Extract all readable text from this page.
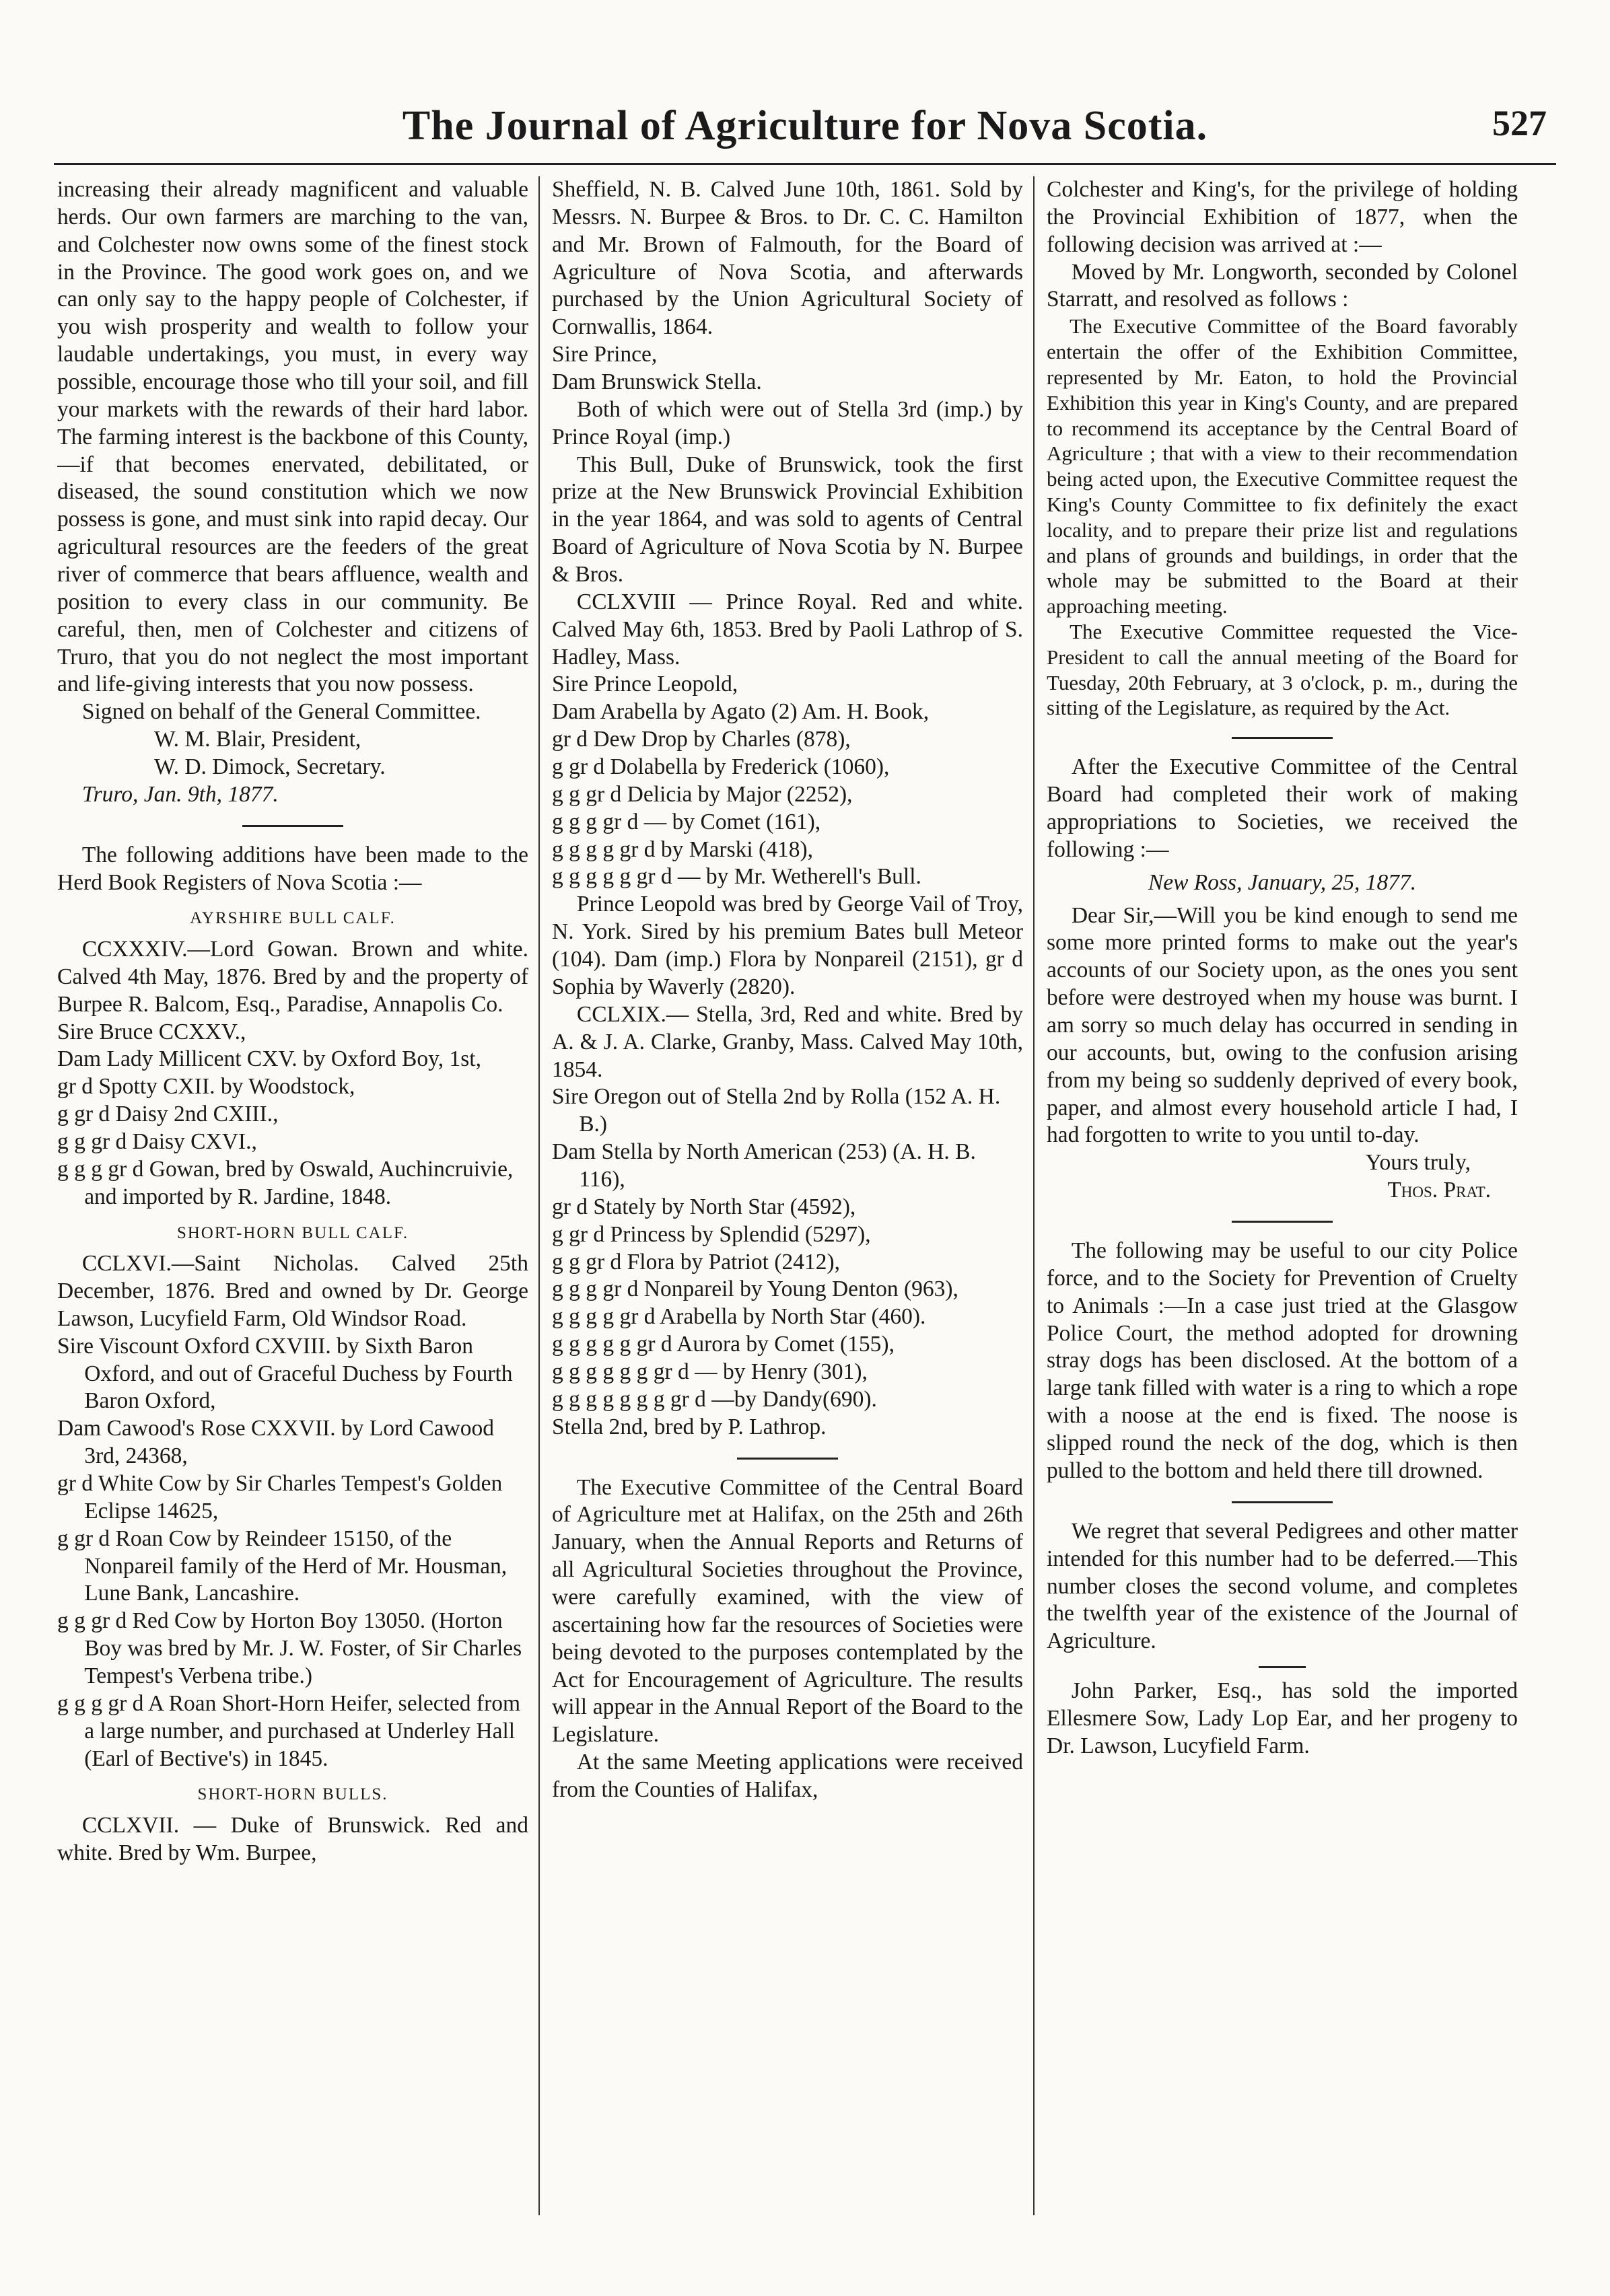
The Journal of Agriculture for Nova Scotia.	527

increasing their already magnificent and valuable herds. Our own farmers are marching to the van, and Colchester now owns some of the finest stock in the Province. The good work goes on, and we can only say to the happy people of Colchester, if you wish prosperity and wealth to follow your laudable undertakings, you must, in every way possible, encourage those who till your soil, and fill your markets with the rewards of their hard labor. The farming interest is the backbone of this County,—if that becomes enervated, debilitated, or diseased, the sound constitution which we now possess is gone, and must sink into rapid decay. Our agricultural resources are the feeders of the great river of commerce that bears affluence, wealth and position to every class in our community. Be careful, then, men of Colchester and citizens of Truro, that you do not neglect the most important and life-giving interests that you now possess.

Signed on behalf of the General Committee.

W. M. Blair, President,

W. D. Dimock, Secretary.

Truro, Jan. 9th, 1877.

The following additions have been made to the Herd Book Registers of Nova Scotia :—

AYRSHIRE BULL CALF.

CCXXXIV.—Lord Gowan. Brown and white. Calved 4th May, 1876. Bred by and the property of Burpee R. Balcom, Esq., Paradise, Annapolis Co.

Sire Bruce CCXXV.,

Dam Lady Millicent CXV. by Oxford Boy, 1st,

gr d Spotty CXII. by Woodstock,

g gr d Daisy 2nd CXIII.,

g g gr d Daisy CXVI.,

g g g gr d Gowan, bred by Oswald, Auchincruivie, and imported by R. Jardine, 1848.

SHORT-HORN BULL CALF.

CCLXVI.—Saint Nicholas. Calved 25th December, 1876. Bred and owned by Dr. George Lawson, Lucyfield Farm, Old Windsor Road.

Sire Viscount Oxford CXVIII. by Sixth Baron Oxford, and out of Graceful Duchess by Fourth Baron Oxford,

Dam Cawood's Rose CXXVII. by Lord Cawood 3rd, 24368,

gr d White Cow by Sir Charles Tempest's Golden Eclipse 14625,

g gr d Roan Cow by Reindeer 15150, of the Nonpareil family of the Herd of Mr. Housman, Lune Bank, Lancashire.

g g gr d Red Cow by Horton Boy 13050. (Horton Boy was bred by Mr. J. W. Foster, of Sir Charles Tempest's Verbena tribe.)

g g g gr d A Roan Short-Horn Heifer, selected from a large number, and purchased at Underley Hall (Earl of Bective's) in 1845.

SHORT-HORN BULLS.

CCLXVII. — Duke of Brunswick. Red and white. Bred by Wm. Burpee,

Sheffield, N. B. Calved June 10th, 1861. Sold by Messrs. N. Burpee & Bros. to Dr. C. C. Hamilton and Mr. Brown of Falmouth, for the Board of Agriculture of Nova Scotia, and afterwards purchased by the Union Agricultural Society of Cornwallis, 1864.

Sire Prince,

Dam Brunswick Stella.

Both of which were out of Stella 3rd (imp.) by Prince Royal (imp.)

This Bull, Duke of Brunswick, took the first prize at the New Brunswick Provincial Exhibition in the year 1864, and was sold to agents of Central Board of Agriculture of Nova Scotia by N. Burpee & Bros.

CCLXVIII — Prince Royal. Red and white. Calved May 6th, 1853. Bred by Paoli Lathrop of S. Hadley, Mass.

Sire Prince Leopold,

Dam Arabella by Agato (2) Am. H. Book,

gr d Dew Drop by Charles (878),

g gr d Dolabella by Frederick (1060),

g g gr d Delicia by Major (2252),

g g g gr d — by Comet (161),

g g g g gr d by Marski (418),

g g g g g gr d — by Mr. Wetherell's Bull.

Prince Leopold was bred by George Vail of Troy, N. York. Sired by his premium Bates bull Meteor (104). Dam (imp.) Flora by Nonpareil (2151), gr d Sophia by Waverly (2820).

CCLXIX.— Stella, 3rd, Red and white. Bred by A. & J. A. Clarke, Granby, Mass. Calved May 10th, 1854.

Sire Oregon out of Stella 2nd by Rolla (152 A. H. B.)

Dam Stella by North American (253) (A. H. B. 116),

gr d Stately by North Star (4592),

g gr d Princess by Splendid (5297),

g g gr d Flora by Patriot (2412),

g g g gr d Nonpareil by Young Denton (963),

g g g g gr d Arabella by North Star (460).

g g g g g gr d Aurora by Comet (155),

g g g g g g gr d — by Henry (301),

g g g g g g g gr d —by Dandy(690).

Stella 2nd, bred by P. Lathrop.

The Executive Committee of the Central Board of Agriculture met at Halifax, on the 25th and 26th January, when the Annual Reports and Returns of all Agricultural Societies throughout the Province, were carefully examined, with the view of ascertaining how far the resources of Societies were being devoted to the purposes contemplated by the Act for Encouragement of Agriculture. The results will appear in the Annual Report of the Board to the Legislature.

At the same Meeting applications were received from the Counties of Halifax,

Colchester and King's, for the privilege of holding the Provincial Exhibition of 1877, when the following decision was arrived at :—

Moved by Mr. Longworth, seconded by Colonel Starratt, and resolved as follows :

The Executive Committee of the Board favorably entertain the offer of the Exhibition Committee, represented by Mr. Eaton, to hold the Provincial Exhibition this year in King's County, and are prepared to recommend its acceptance by the Central Board of Agriculture ; that with a view to their recommendation being acted upon, the Executive Committee request the King's County Committee to fix definitely the exact locality, and to prepare their prize list and regulations and plans of grounds and buildings, in order that the whole may be submitted to the Board at their approaching meeting.

The Executive Committee requested the Vice-President to call the annual meeting of the Board for Tuesday, 20th February, at 3 o'clock, p. m., during the sitting of the Legislature, as required by the Act.

After the Executive Committee of the Central Board had completed their work of making appropriations to Societies, we received the following :—

New Ross, January, 25, 1877.

Dear Sir,—Will you be kind enough to send me some more printed forms to make out the year's accounts of our Society upon, as the ones you sent before were destroyed when my house was burnt. I am sorry so much delay has occurred in sending in our accounts, but, owing to the confusion arising from my being so suddenly deprived of every book, paper, and almost every household article I had, I had forgotten to write to you until to-day.

Yours truly,

Thos. Prat.

The following may be useful to our city Police force, and to the Society for Prevention of Cruelty to Animals :—In a case just tried at the Glasgow Police Court, the method adopted for drowning stray dogs has been disclosed. At the bottom of a large tank filled with water is a ring to which a rope with a noose at the end is fixed. The noose is slipped round the neck of the dog, which is then pulled to the bottom and held there till drowned.

We regret that several Pedigrees and other matter intended for this number had to be deferred.—This number closes the second volume, and completes the twelfth year of the existence of the Journal of Agriculture.

John Parker, Esq., has sold the imported Ellesmere Sow, Lady Lop Ear, and her progeny to Dr. Lawson, Lucyfield Farm.
